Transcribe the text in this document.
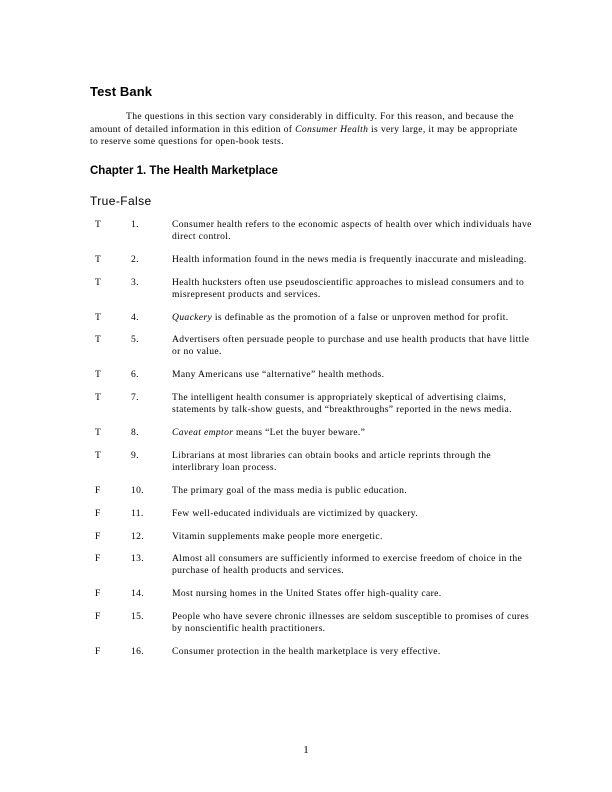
Test Bank

The questions in this section vary considerably in difficulty. For this reason, and because the amount of detailed information in this edition of Consumer Health is very large, it may be appropriate to reserve some questions for open-book tests.

Chapter 1. The Health Marketplace
True-False
T	1.	Consumer health refers to the economic aspects of health over which individuals have direct control.
T	2.	Health information found in the news media is frequently inaccurate and misleading.
T	3.	Health hucksters often use pseudoscientific approaches to mislead consumers and to misrepresent products and services.
T	4.	Quackery is definable as the promotion of a false or unproven method for profit.
T	5.	Advertisers often persuade people to purchase and use health products that have little or no value.
T	6.	Many Americans use “alternative” health methods.
T	7.	The intelligent health consumer is appropriately skeptical of advertising claims, statements by talk-show guests, and “breakthroughs” reported in the news media.
T	8.	Caveat emptor means “Let the buyer beware.”
T	9.	Librarians at most libraries can obtain books and article reprints through the interlibrary loan process.
F	10.	The primary goal of the mass media is public education.
F	11.	Few well-educated individuals are victimized by quackery.
F	12.	Vitamin supplements make people more energetic.
F	13.	Almost all consumers are sufficiently informed to exercise freedom of choice in the purchase of health products and services.
F	14.	Most nursing homes in the United States offer high-quality care.
F	15.	People who have severe chronic illnesses are seldom susceptible to promises of cures by nonscientific health practitioners.
F	16.	Consumer protection in the health marketplace is very effective.
1
